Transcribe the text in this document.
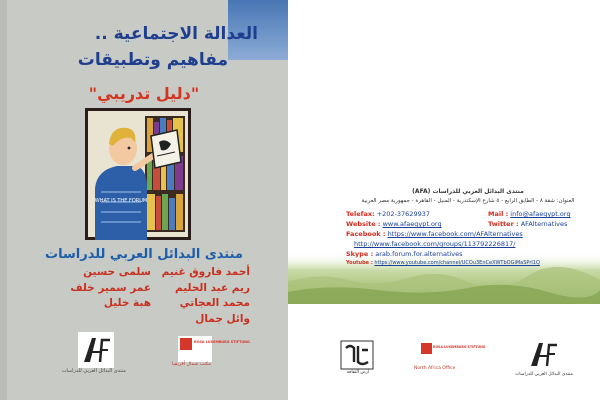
العدالة الاجتماعية ..
مفاهيم وتطبيقات
"دليل تدريبي"
WHAT IS THE FORUM
منتدى البدائل العربي للدراسات
أحمد فاروق غنيم
سلمى حسين
ريم عبد الحليم
عمر سمير خلف
محمد العجاتي
هبة خليل
وائل جمال
منتدى البدائل العربي للدراسات
ROSA LUXEMBURG STIFTUNG
مكتب شمال أفريقيا
منتدى البدائل العربي للدراسات (AFA)
العنوان: شقة ٨ - الطابق الرابع - ٥ شارع الإسكندرية - المنيل - القاهرة - جمهورية مصر العربية
Telefax: +202-37629937	Mail : info@afaegypt.org
Website : www.afaegypt.org	Twitter : AFAlternatives
Facebook : https://www.facebook.com/AFAlternatives
http://www.facebook.com/groups/113792226817/
Skype : arab.forum.for.alternatives
Youtube : https://www.youtube.com/channel/UCOu3EnCeXWTbOGiMaSPrl1Q
أرض الثقافة
ROSA LUXEMBURG STIFTUNG
North Africa Office
منتدى البدائل العربي للدراسات
